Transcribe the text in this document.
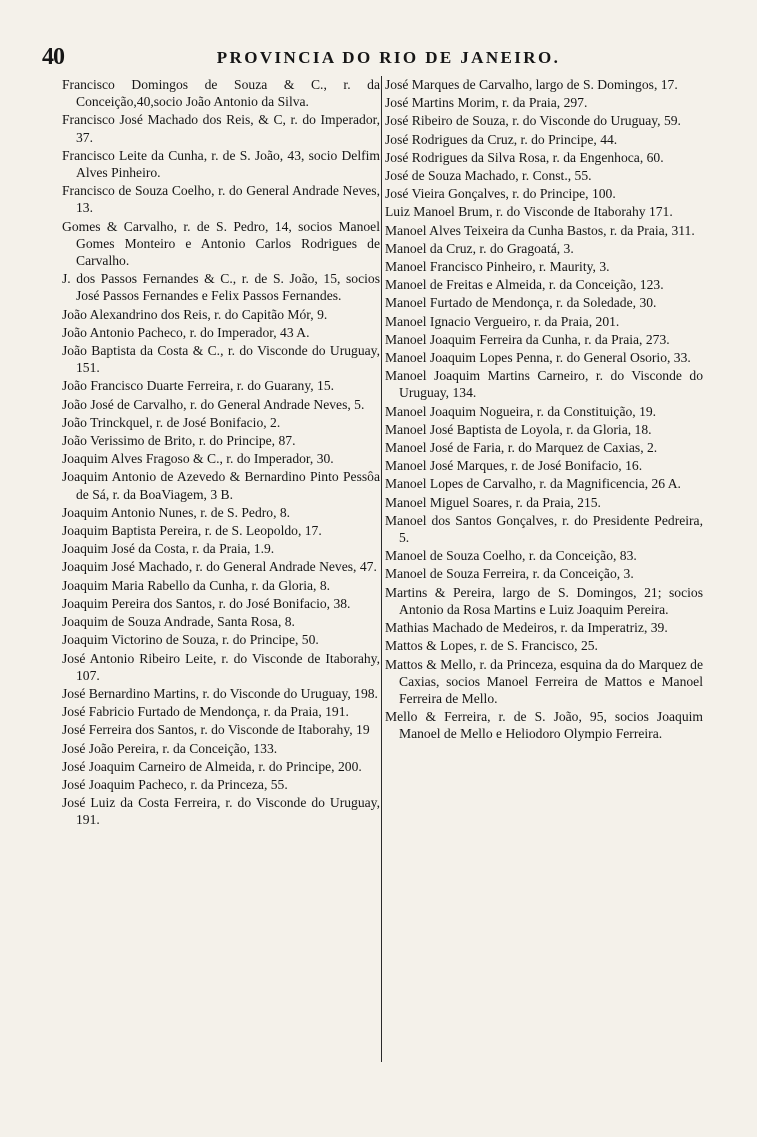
40	PROVINCIA DO RIO DE JANEIRO.

Francisco Domingos de Souza & C., r. da Conceição,40,socio João Antonio da Silva.

Francisco José Machado dos Reis, & C, r. do Imperador, 37.

Francisco Leite da Cunha, r. de S. João, 43, socio Delfim Alves Pinheiro.

Francisco de Souza Coelho, r. do General Andrade Neves, 13.

Gomes & Carvalho, r. de S. Pedro, 14, socios Manoel Gomes Monteiro e Antonio Carlos Rodrigues de Carvalho.

J. dos Passos Fernandes & C., r. de S. João, 15, socios José Passos Fernandes e Felix Passos Fernandes.

João Alexandrino dos Reis, r. do Capitão Mór, 9.

João Antonio Pacheco, r. do Imperador, 43 A.

João Baptista da Costa & C., r. do Visconde do Uruguay, 151.

João Francisco Duarte Ferreira, r. do Guarany, 15.

João José de Carvalho, r. do General Andrade Neves, 5.

João Trinckquel, r. de José Bonifacio, 2.

João Verissimo de Brito, r. do Principe, 87.

Joaquim Alves Fragoso & C., r. do Imperador, 30.

Joaquim Antonio de Azevedo & Bernardino Pinto Pessôa de Sá, r. da BoaViagem, 3 B.

Joaquim Antonio Nunes, r. de S. Pedro, 8.

Joaquim Baptista Pereira, r. de S. Leopoldo, 17.

Joaquim José da Costa, r. da Praia, 1.9.

Joaquim José Machado, r. do General Andrade Neves, 47.

Joaquim Maria Rabello da Cunha, r. da Gloria, 8.

Joaquim Pereira dos Santos, r. do José Bonifacio, 38.

Joaquim de Souza Andrade, Santa Rosa, 8.

Joaquim Victorino de Souza, r. do Principe, 50.

José Antonio Ribeiro Leite, r. do Visconde de Itaborahy, 107.

José Bernardino Martins, r. do Visconde do Uruguay, 198.

José Fabricio Furtado de Mendonça, r. da Praia, 191.

José Ferreira dos Santos, r. do Visconde de Itaborahy, 19

José João Pereira, r. da Conceição, 133.

José Joaquim Carneiro de Almeida, r. do Principe, 200.

José Joaquim Pacheco, r. da Princeza, 55.

José Luiz da Costa Ferreira, r. do Visconde do Uruguay, 191.

José Marques de Carvalho, largo de S. Domingos, 17.

José Martins Morim, r. da Praia, 297.

José Ribeiro de Souza, r. do Visconde do Uruguay, 59.

José Rodrigues da Cruz, r. do Principe, 44.

José Rodrigues da Silva Rosa, r. da Engenhoca, 60.

José de Souza Machado, r. Const., 55.

José Vieira Gonçalves, r. do Principe, 100.

Luiz Manoel Brum, r. do Visconde de Itaborahy 171.

Manoel Alves Teixeira da Cunha Bastos, r. da Praia, 311.

Manoel da Cruz, r. do Gragoatá, 3.

Manoel Francisco Pinheiro, r. Maurity, 3.

Manoel de Freitas e Almeida, r. da Conceição, 123.

Manoel Furtado de Mendonça, r. da Soledade, 30.

Manoel Ignacio Vergueiro, r. da Praia, 201.

Manoel Joaquim Ferreira da Cunha, r. da Praia, 273.

Manoel Joaquim Lopes Penna, r. do General Osorio, 33.

Manoel Joaquim Martins Carneiro, r. do Visconde do Uruguay, 134.

Manoel Joaquim Nogueira, r. da Constituição, 19.

Manoel José Baptista de Loyola, r. da Gloria, 18.

Manoel José de Faria, r. do Marquez de Caxias, 2.

Manoel José Marques, r. de José Bonifacio, 16.

Manoel Lopes de Carvalho, r. da Magnificencia, 26 A.

Manoel Miguel Soares, r. da Praia, 215.

Manoel dos Santos Gonçalves, r. do Presidente Pedreira, 5.

Manoel de Souza Coelho, r. da Conceição, 83.

Manoel de Souza Ferreira, r. da Conceição, 3.

Martins & Pereira, largo de S. Domingos, 21; socios Antonio da Rosa Martins e Luiz Joaquim Pereira.

Mathias Machado de Medeiros, r. da Imperatriz, 39.

Mattos & Lopes, r. de S. Francisco, 25.

Mattos & Mello, r. da Princeza, esquina da do Marquez de Caxias, socios Manoel Ferreira de Mattos e Manoel Ferreira de Mello.

Mello & Ferreira, r. de S. João, 95, socios Joaquim Manoel de Mello e Heliodoro Olympio Ferreira.
